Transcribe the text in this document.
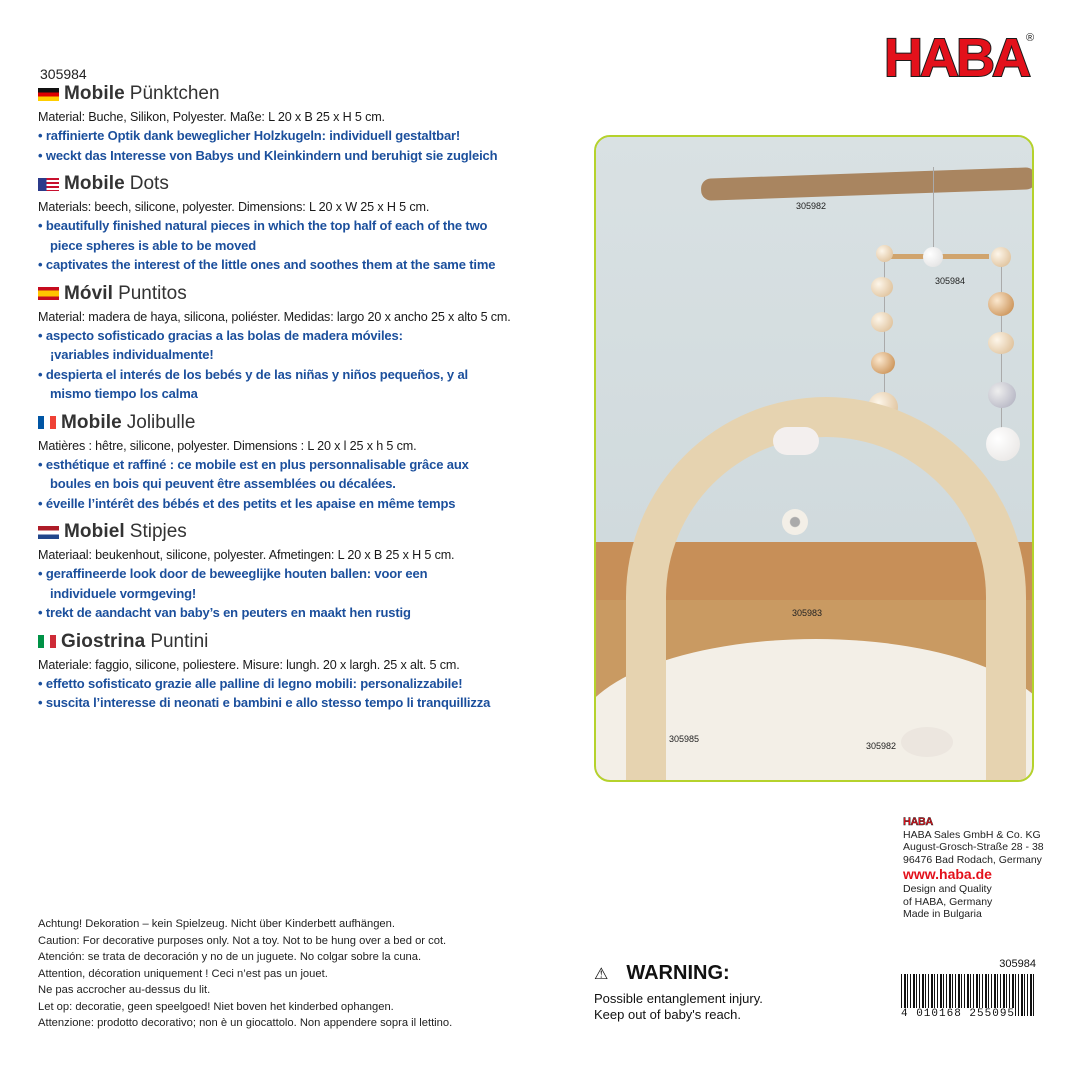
HABA
®
305984
Mobile Pünktchen
Material: Buche, Silikon, Polyester. Maße: L 20 x B 25 x H 5 cm.
• raffinierte Optik dank beweglicher Holzkugeln: individuell gestaltbar!
• weckt das Interesse von Babys und Kleinkindern und beruhigt sie zugleich
Mobile Dots
Materials: beech, silicone, polyester. Dimensions: L 20 x W 25 x H 5 cm.
• beautifully finished natural pieces in which the top half of each of the two piece spheres is able to be moved
• captivates the interest of the little ones and soothes them at the same time
Móvil Puntitos
Material: madera de haya, silicona, poliéster. Medidas: largo 20 x ancho 25 x alto 5 cm.
• aspecto sofisticado gracias a las bolas de madera móviles: ¡variables individualmente!
• despierta el interés de los bebés y de las niñas y niños pequeños, y al mismo tiempo los calma
Mobile Jolibulle
Matières : hêtre, silicone, polyester. Dimensions : L 20 x l 25 x h 5 cm.
• esthétique et raffiné : ce mobile est en plus personnalisable grâce aux boules en bois qui peuvent être assemblées ou décalées.
• éveille l’intérêt des bébés et des petits et les apaise en même temps
Mobiel Stipjes
Materiaal: beukenhout, silicone, polyester. Afmetingen: L 20 x B 25 x H 5 cm.
• geraffineerde look door de beweeglijke houten ballen: voor een individuele vormgeving!
• trekt de aandacht van baby’s en peuters en maakt hen rustig
Giostrina Puntini
Materiale: faggio, silicone, poliestere. Misure: lungh. 20 x largh. 25 x alt. 5 cm.
• effetto sofisticato grazie alle palline di legno mobili: personalizzabile!
• suscita l’interesse di neonati e bambini e allo stesso tempo li tranquillizza
305982
305984
305983
305985
305982
HABA
HABA Sales GmbH & Co. KG
August-Grosch-Straße 28 - 38
96476 Bad Rodach, Germany
www.haba.de
Design and Quality
of HABA, Germany
Made in Bulgaria
Achtung! Dekoration – kein Spielzeug. Nicht über Kinderbett aufhängen.
Caution: For decorative purposes only. Not a toy. Not to be hung over a bed or cot.
Atención: se trata de decoración y no de un juguete. No colgar sobre la cuna.
Attention, décoration uniquement ! Ceci n’est pas un jouet.
Ne pas accrocher au-dessus du lit.
Let op: decoratie, geen speelgoed! Niet boven het kinderbed ophangen.
Attenzione: prodotto decorativo; non è un giocattolo. Non appendere sopra il lettino.
⚠ WARNING:
Possible entanglement injury.
Keep out of baby's reach.
305984
4 010168 255095
